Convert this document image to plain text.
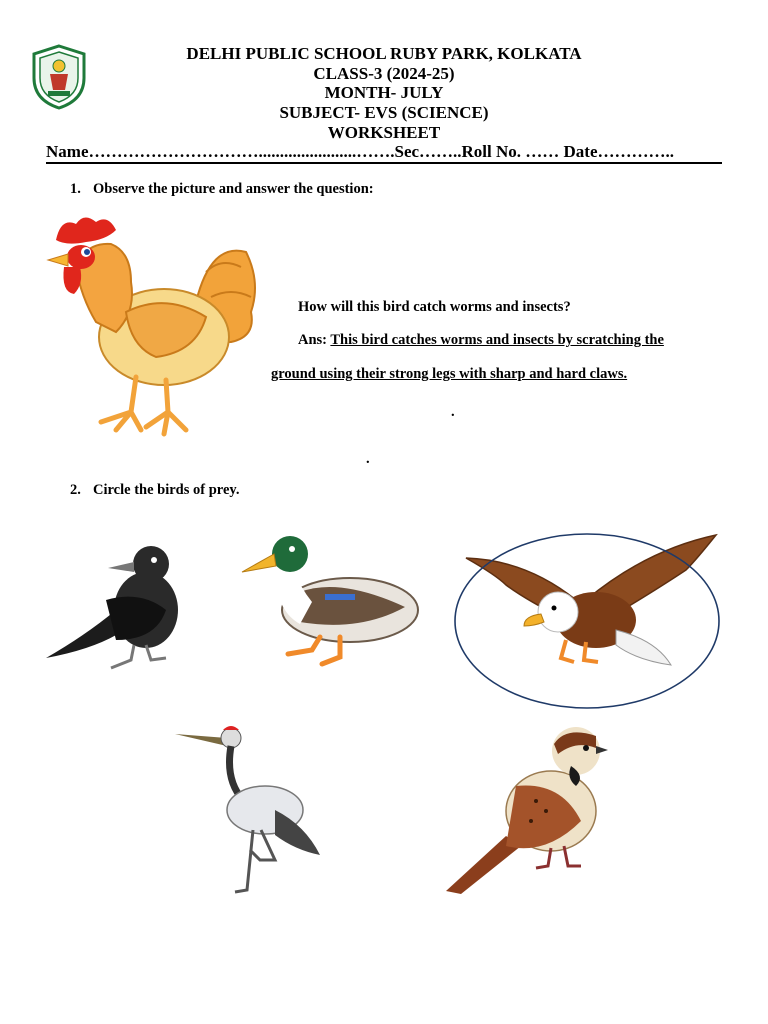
DELHI PUBLIC SCHOOL RUBY PARK, KOLKATA
CLASS-3 (2024-25)
MONTH- JULY
SUBJECT- EVS (SCIENCE)
WORKSHEET
Name………………………….......................…….Sec……..Roll No. …… Date…………..
1. Observe the picture and answer the question:
How will this bird catch worms and insects?
Ans: This bird catches worms and insects by scratching the
ground using their strong legs with sharp and hard claws.
.
.
2. Circle the birds of prey.
